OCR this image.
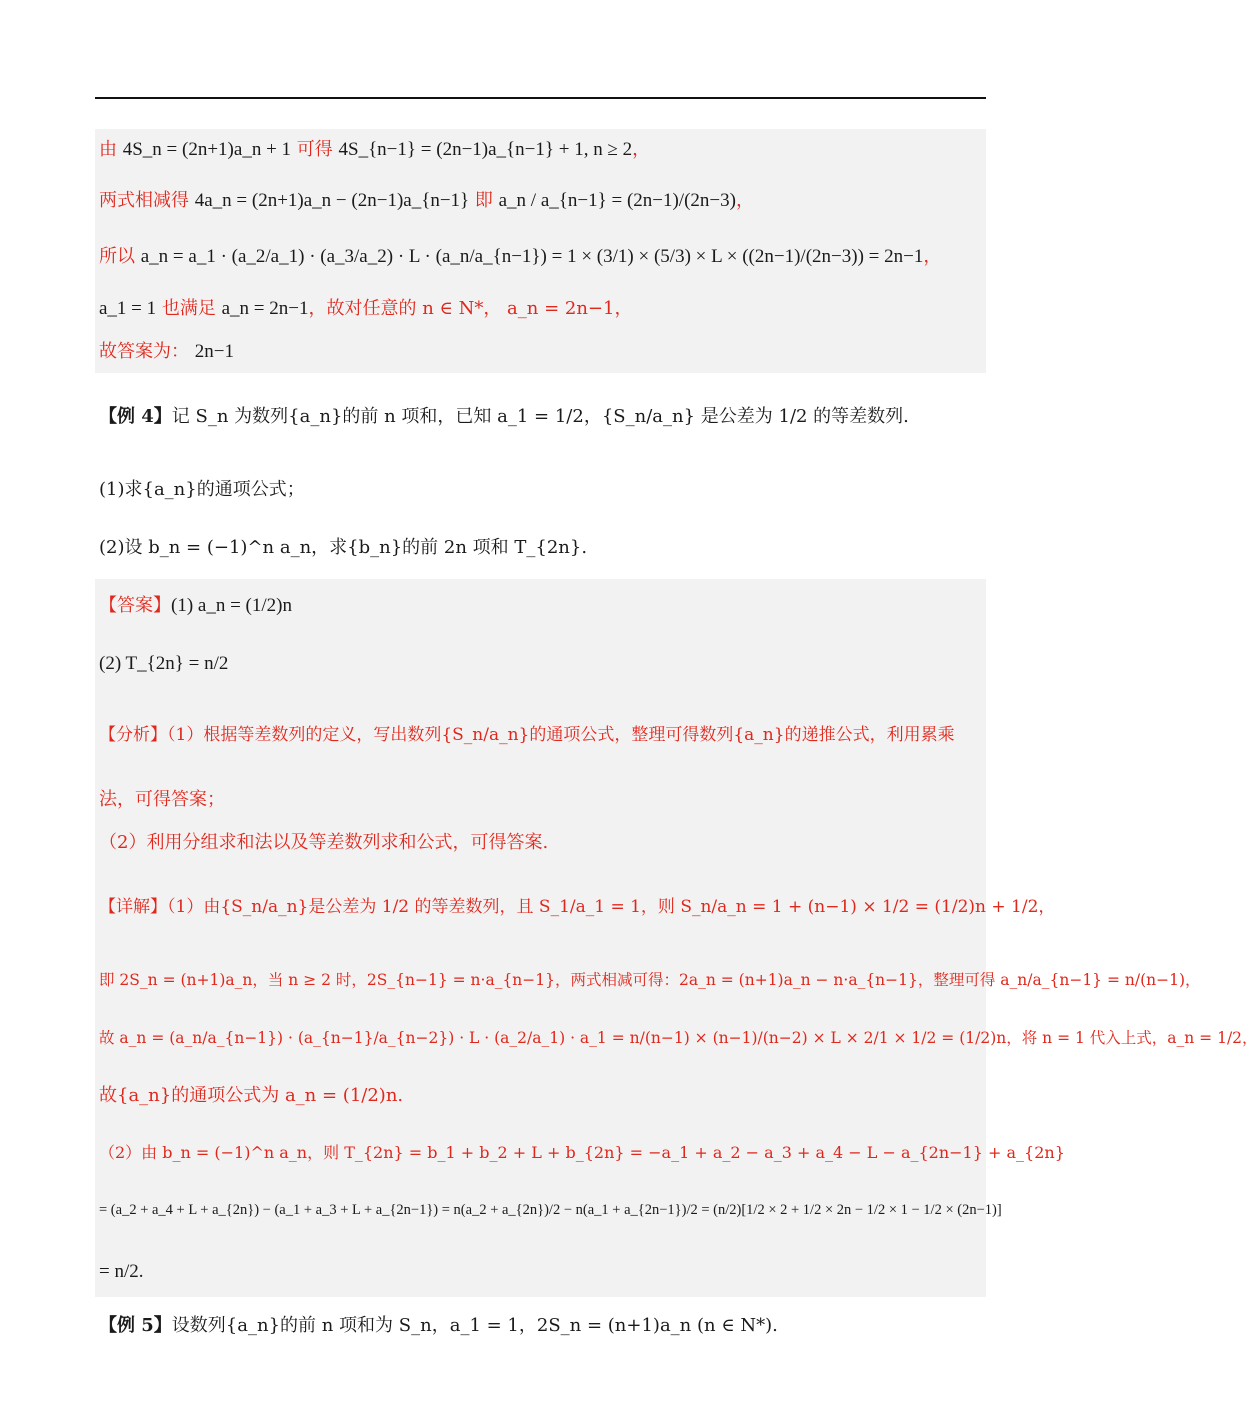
由 4S_n = (2n+1)a_n + 1 可得 4S_{n−1} = (2n−1)a_{n−1} + 1, n ≥ 2，
两式相减得 4a_n = (2n+1)a_n − (2n−1)a_{n−1} 即 a_n / a_{n−1} = (2n−1)/(2n−3)，
所以 a_n = a_1 · (a_2/a_1) · (a_3/a_2) · L · (a_n/a_{n−1}) = 1 × (3/1) × (5/3) × L × ((2n−1)/(2n−3)) = 2n−1，
a_1 = 1 也满足 a_n = 2n−1，故对任意的 n ∈ N*， a_n = 2n−1，
故答案为： 2n−1
【例 4】记 S_n 为数列{a_n}的前 n 项和，已知 a_1 = 1/2，{S_n/a_n} 是公差为 1/2 的等差数列.
(1)求{a_n}的通项公式；
(2)设 b_n = (−1)^n a_n，求{b_n}的前 2n 项和 T_{2n}.
【答案】(1) a_n = (1/2)n
(2) T_{2n} = n/2
【分析】（1）根据等差数列的定义，写出数列{S_n/a_n}的通项公式，整理可得数列{a_n}的递推公式，利用累乘
法，可得答案；
（2）利用分组求和法以及等差数列求和公式，可得答案.
【详解】（1）由{S_n/a_n}是公差为 1/2 的等差数列，且 S_1/a_1 = 1，则 S_n/a_n = 1 + (n−1) × 1/2 = (1/2)n + 1/2，
即 2S_n = (n+1)a_n，当 n ≥ 2 时，2S_{n−1} = n·a_{n−1}，两式相减可得：2a_n = (n+1)a_n − n·a_{n−1}，整理可得 a_n/a_{n−1} = n/(n−1)，
故 a_n = (a_n/a_{n−1}) · (a_{n−1}/a_{n−2}) · L · (a_2/a_1) · a_1 = n/(n−1) × (n−1)/(n−2) × L × 2/1 × 1/2 = (1/2)n，将 n = 1 代入上式，a_n = 1/2，
故{a_n}的通项公式为 a_n = (1/2)n.
（2）由 b_n = (−1)^n a_n，则 T_{2n} = b_1 + b_2 + L + b_{2n} = −a_1 + a_2 − a_3 + a_4 − L − a_{2n−1} + a_{2n}
= (a_2 + a_4 + L + a_{2n}) − (a_1 + a_3 + L + a_{2n−1}) = n(a_2 + a_{2n})/2 − n(a_1 + a_{2n−1})/2 = (n/2)[1/2 × 2 + 1/2 × 2n − 1/2 × 1 − 1/2 × (2n−1)]
= n/2.
【例 5】设数列{a_n}的前 n 项和为 S_n，a_1 = 1，2S_n = (n+1)a_n (n ∈ N*).
